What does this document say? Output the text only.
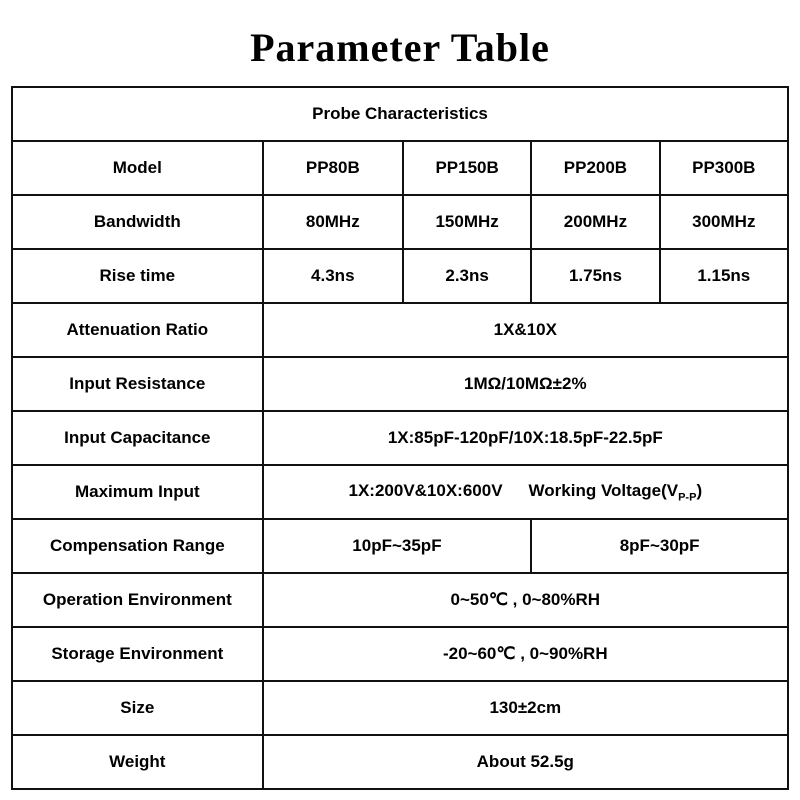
Parameter Table
Probe Characteristics				
Model	PP80B	PP150B	PP200B	PP300B
Bandwidth	80MHz	150MHz	200MHz	300MHz
Rise time	4.3ns	2.3ns	1.75ns	1.15ns
Attenuation Ratio	1X&10X			
Input Resistance	1MΩ/10MΩ±2%			
Input Capacitance	1X:85pF-120pF/10X:18.5pF-22.5pF			
Maximum Input	1X:200V&10X:600V Working $Voltage(V_{P-P})$			
Compensation Range	10pF~35pF		8pF~30pF	
Operation Environment	0~50℃ , 0~80%RH			
Storage Environment	-20~60℃ , 0~90%RH			
Size	130±2cm			
Weight	About 52.5g			
